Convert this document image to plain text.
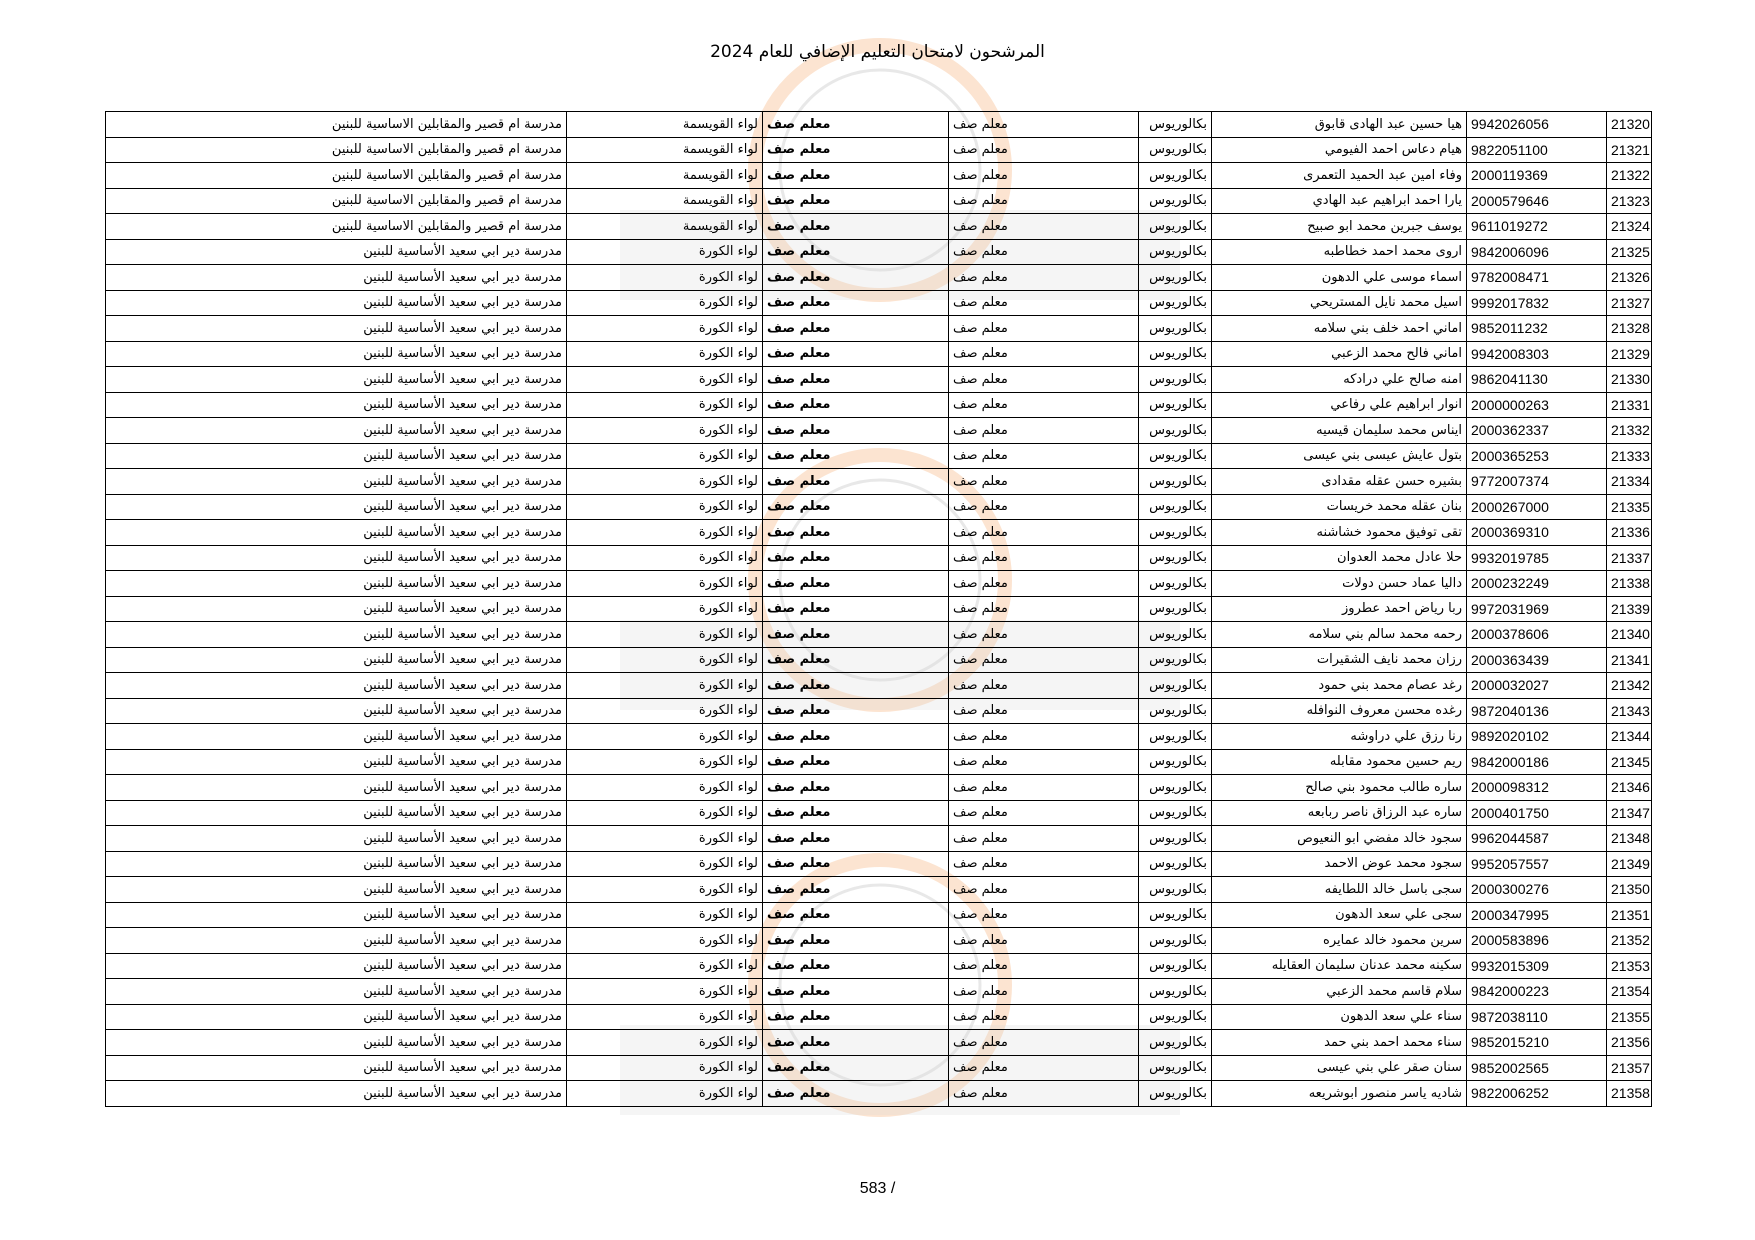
المرشحون لامتحان التعليم الإضافي للعام 2024
21320	9942026056	هيا حسين عبد الهادى قابوق	بكالوريوس	معلم صف	معلم صف	لواء القويسمة	مدرسة ام قصير والمقابلين الاساسية للبنين
21321	9822051100	هيام دعاس احمد الفيومي	بكالوريوس	معلم صف	معلم صف	لواء القويسمة	مدرسة ام قصير والمقابلين الاساسية للبنين
21322	2000119369	وفاء امين عبد الحميد التعمرى	بكالوريوس	معلم صف	معلم صف	لواء القويسمة	مدرسة ام قصير والمقابلين الاساسية للبنين
21323	2000579646	يارا احمد ابراهيم عبد الهادي	بكالوريوس	معلم صف	معلم صف	لواء القويسمة	مدرسة ام قصير والمقابلين الاساسية للبنين
21324	9611019272	يوسف جبرين محمد ابو صبيح	بكالوريوس	معلم صف	معلم صف	لواء القويسمة	مدرسة ام قصير والمقابلين الاساسية للبنين
21325	9842006096	اروى محمد احمد خطاطبه	بكالوريوس	معلم صف	معلم صف	لواء الكورة	مدرسة دير ابي سعيد الأساسية للبنين
21326	9782008471	اسماء موسى علي الدهون	بكالوريوس	معلم صف	معلم صف	لواء الكورة	مدرسة دير ابي سعيد الأساسية للبنين
21327	9992017832	اسيل محمد نايل المستريحي	بكالوريوس	معلم صف	معلم صف	لواء الكورة	مدرسة دير ابي سعيد الأساسية للبنين
21328	9852011232	اماني احمد خلف بني سلامه	بكالوريوس	معلم صف	معلم صف	لواء الكورة	مدرسة دير ابي سعيد الأساسية للبنين
21329	9942008303	اماني فالح محمد الزعبي	بكالوريوس	معلم صف	معلم صف	لواء الكورة	مدرسة دير ابي سعيد الأساسية للبنين
21330	9862041130	امنه صالح علي درادكه	بكالوريوس	معلم صف	معلم صف	لواء الكورة	مدرسة دير ابي سعيد الأساسية للبنين
21331	2000000263	انوار ابراهيم علي رفاعي	بكالوريوس	معلم صف	معلم صف	لواء الكورة	مدرسة دير ابي سعيد الأساسية للبنين
21332	2000362337	ايناس محمد سليمان قيسيه	بكالوريوس	معلم صف	معلم صف	لواء الكورة	مدرسة دير ابي سعيد الأساسية للبنين
21333	2000365253	بتول عايش عيسى بني عيسى	بكالوريوس	معلم صف	معلم صف	لواء الكورة	مدرسة دير ابي سعيد الأساسية للبنين
21334	9772007374	بشيره حسن عقله مقدادى	بكالوريوس	معلم صف	معلم صف	لواء الكورة	مدرسة دير ابي سعيد الأساسية للبنين
21335	2000267000	بنان عقله محمد خريسات	بكالوريوس	معلم صف	معلم صف	لواء الكورة	مدرسة دير ابي سعيد الأساسية للبنين
21336	2000369310	تقى توفيق محمود خشاشنه	بكالوريوس	معلم صف	معلم صف	لواء الكورة	مدرسة دير ابي سعيد الأساسية للبنين
21337	9932019785	حلا عادل محمد العدوان	بكالوريوس	معلم صف	معلم صف	لواء الكورة	مدرسة دير ابي سعيد الأساسية للبنين
21338	2000232249	داليا عماد حسن دولات	بكالوريوس	معلم صف	معلم صف	لواء الكورة	مدرسة دير ابي سعيد الأساسية للبنين
21339	9972031969	ربا رياض احمد عطروز	بكالوريوس	معلم صف	معلم صف	لواء الكورة	مدرسة دير ابي سعيد الأساسية للبنين
21340	2000378606	رحمه محمد سالم بني سلامه	بكالوريوس	معلم صف	معلم صف	لواء الكورة	مدرسة دير ابي سعيد الأساسية للبنين
21341	2000363439	رزان محمد نايف الشقيرات	بكالوريوس	معلم صف	معلم صف	لواء الكورة	مدرسة دير ابي سعيد الأساسية للبنين
21342	2000032027	رغد عصام محمد بني حمود	بكالوريوس	معلم صف	معلم صف	لواء الكورة	مدرسة دير ابي سعيد الأساسية للبنين
21343	9872040136	رغده محسن معروف النوافله	بكالوريوس	معلم صف	معلم صف	لواء الكورة	مدرسة دير ابي سعيد الأساسية للبنين
21344	9892020102	رنا رزق علي دراوشه	بكالوريوس	معلم صف	معلم صف	لواء الكورة	مدرسة دير ابي سعيد الأساسية للبنين
21345	9842000186	ريم حسين محمود مقابله	بكالوريوس	معلم صف	معلم صف	لواء الكورة	مدرسة دير ابي سعيد الأساسية للبنين
21346	2000098312	ساره طالب محمود بني صالح	بكالوريوس	معلم صف	معلم صف	لواء الكورة	مدرسة دير ابي سعيد الأساسية للبنين
21347	2000401750	ساره عبد الرزاق ناصر ربابعه	بكالوريوس	معلم صف	معلم صف	لواء الكورة	مدرسة دير ابي سعيد الأساسية للبنين
21348	9962044587	سجود خالد مفضي ابو النعيوص	بكالوريوس	معلم صف	معلم صف	لواء الكورة	مدرسة دير ابي سعيد الأساسية للبنين
21349	9952057557	سجود محمد عوض الاحمد	بكالوريوس	معلم صف	معلم صف	لواء الكورة	مدرسة دير ابي سعيد الأساسية للبنين
21350	2000300276	سجى باسل خالد اللطايفه	بكالوريوس	معلم صف	معلم صف	لواء الكورة	مدرسة دير ابي سعيد الأساسية للبنين
21351	2000347995	سجى علي سعد الدهون	بكالوريوس	معلم صف	معلم صف	لواء الكورة	مدرسة دير ابي سعيد الأساسية للبنين
21352	2000583896	سرين محمود خالد عمايره	بكالوريوس	معلم صف	معلم صف	لواء الكورة	مدرسة دير ابي سعيد الأساسية للبنين
21353	9932015309	سكينه محمد عدنان سليمان العقايله	بكالوريوس	معلم صف	معلم صف	لواء الكورة	مدرسة دير ابي سعيد الأساسية للبنين
21354	9842000223	سلام قاسم محمد الزعبي	بكالوريوس	معلم صف	معلم صف	لواء الكورة	مدرسة دير ابي سعيد الأساسية للبنين
21355	9872038110	سناء علي سعد الدهون	بكالوريوس	معلم صف	معلم صف	لواء الكورة	مدرسة دير ابي سعيد الأساسية للبنين
21356	9852015210	سناء محمد احمد بني حمد	بكالوريوس	معلم صف	معلم صف	لواء الكورة	مدرسة دير ابي سعيد الأساسية للبنين
21357	9852002565	سنان صقر علي بني عيسى	بكالوريوس	معلم صف	معلم صف	لواء الكورة	مدرسة دير ابي سعيد الأساسية للبنين
21358	9822006252	شاديه ياسر منصور ابوشريعه	بكالوريوس	معلم صف	معلم صف	لواء الكورة	مدرسة دير ابي سعيد الأساسية للبنين
583 /
